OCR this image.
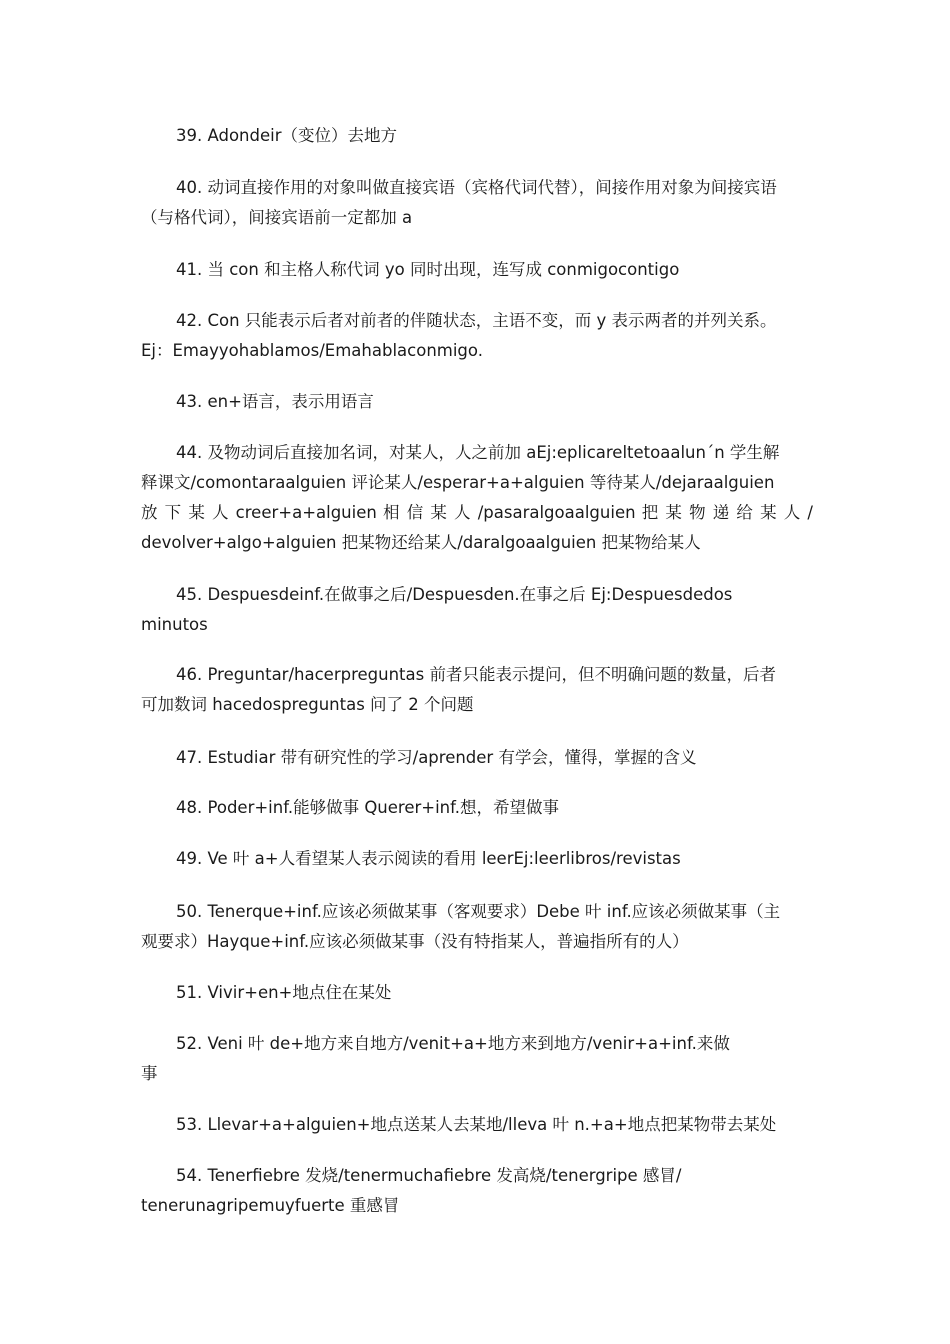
39. Adondeir（变位）去地方

40. 动词直接作用的对象叫做直接宾语（宾格代词代替），间接作用对象为间接宾语
（与格代词），间接宾语前一定都加 a

41. 当 con 和主格人称代词 yo 同时出现，连写成 conmigocontigo

42. Con 只能表示后者对前者的伴随状态，主语不变，而 y 表示两者的并列关系。
Ej：Emayyohablamos/Emahablaconmigo.

43. en+语言，表示用语言

44. 及物动词后直接加名词，对某人，人之前加 aEj:eplicareltetoaalunˊn 学生解
释课文/comontaraalguien 评论某人/esperar+a+alguien 等待某人/dejaraalguien
放 下 某 人 creer+a+alguien 相 信 某 人 /pasaralgoaalguien 把 某 物 递 给 某 人 /
devolver+algo+alguien 把某物还给某人/daralgoaalguien 把某物给某人

45. Despuesdeinf.在做事之后/Despuesden.在事之后 Ej:Despuesdedos
minutos

46. Preguntar/hacerpreguntas 前者只能表示提问，但不明确问题的数量，后者
可加数词 hacedospreguntas 问了 2 个问题

47. Estudiar 带有研究性的学习/aprender 有学会，懂得，掌握的含义

48. Poder+inf.能够做事 Querer+inf.想，希望做事

49. Ve 叶 a+人看望某人表示阅读的看用 leerEj:leerlibros/revistas

50. Tenerque+inf.应该必须做某事（客观要求）Debe 叶 inf.应该必须做某事（主
观要求）Hayque+inf.应该必须做某事（没有特指某人，普遍指所有的人）

51. Vivir+en+地点住在某处

52. Veni 叶 de+地方来自地方/venit+a+地方来到地方/venir+a+inf.来做
事

53. Llevar+a+alguien+地点送某人去某地/lleva 叶 n.+a+地点把某物带去某处

54. Tenerfiebre 发烧/tenermuchafiebre 发高烧/tenergripe 感冒/
tenerunagripemuyfuerte 重感冒
